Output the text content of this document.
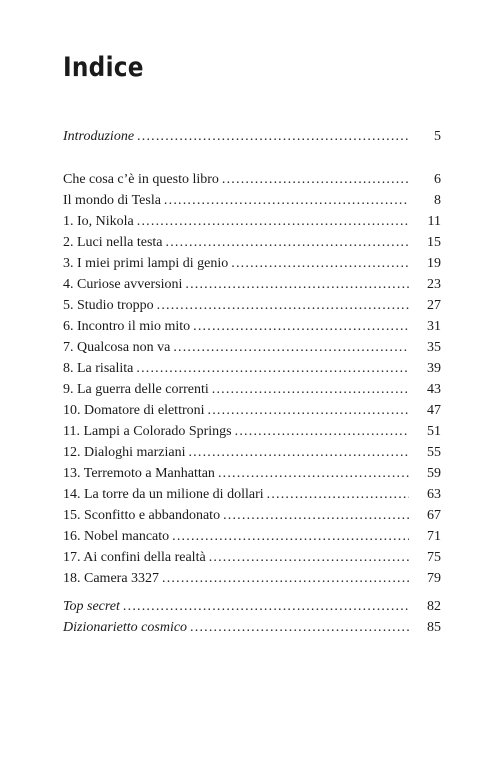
Indice
Introduzione .....	5
Che cosa c’è in questo libro .....	6
Il mondo di Tesla .....	8
1. Io, Nikola .....	11
2. Luci nella testa .....	15
3. I miei primi lampi di genio .....	19
4. Curiose avversioni .....	23
5. Studio troppo .....	27
6. Incontro il mio mito .....	31
7. Qualcosa non va .....	35
8. La risalita .....	39
9. La guerra delle correnti .....	43
10. Domatore di elettroni .....	47
11. Lampi a Colorado Springs .....	51
12. Dialoghi marziani .....	55
13. Terremoto a Manhattan .....	59
14. La torre da un milione di dollari .....	63
15. Sconfitto e abbandonato .....	67
16. Nobel mancato .....	71
17. Ai confini della realtà .....	75
18. Camera 3327 .....	79
Top secret .....	82
Dizionarietto cosmico .....	85
